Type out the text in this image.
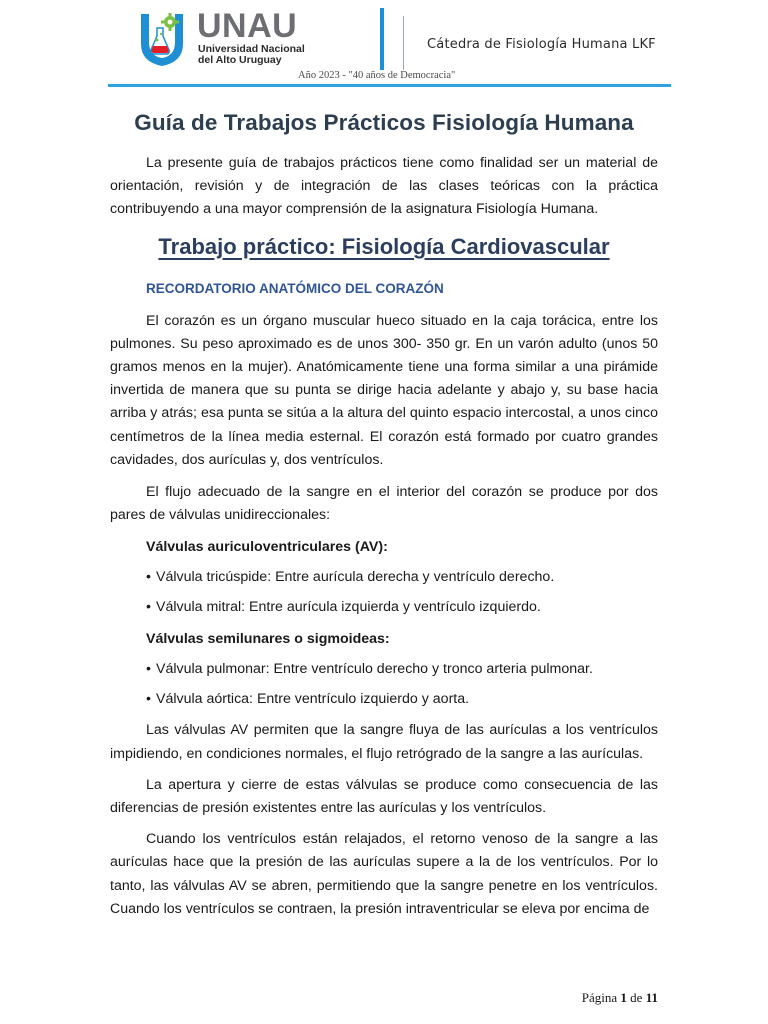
UNAU
Universidad Nacional
del Alto Uruguay
Cátedra de Fisiología Humana LKF
Año 2023 - "40 años de Democracia"
Guía de Trabajos Prácticos Fisiología Humana

La presente guía de trabajos prácticos tiene como finalidad ser un material de orientación, revisión y de integración de las clases teóricas con la práctica contribuyendo a una mayor comprensión de la asignatura Fisiología Humana.

Trabajo práctico: Fisiología Cardiovascular
RECORDATORIO ANATÓMICO DEL CORAZÓN

El corazón es un órgano muscular hueco situado en la caja torácica, entre los pulmones. Su peso aproximado es de unos 300- 350 gr. En un varón adulto (unos 50 gramos menos en la mujer). Anatómicamente tiene una forma similar a una pirámide invertida de manera que su punta se dirige hacia adelante y abajo y, su base hacia arriba y atrás; esa punta se sitúa a la altura del quinto espacio intercostal, a unos cinco centímetros de la línea media esternal. El corazón está formado por cuatro grandes cavidades, dos aurículas y, dos ventrículos.

El flujo adecuado de la sangre en el interior del corazón se produce por dos pares de válvulas unidireccionales:

Válvulas auriculoventriculares (AV):
• Válvula tricúspide: Entre aurícula derecha y ventrículo derecho.
• Válvula mitral: Entre aurícula izquierda y ventrículo izquierdo.
Válvulas semilunares o sigmoideas:
• Válvula pulmonar: Entre ventrículo derecho y tronco arteria pulmonar.
• Válvula aórtica: Entre ventrículo izquierdo y aorta.

Las válvulas AV permiten que la sangre fluya de las aurículas a los ventrículos impidiendo, en condiciones normales, el flujo retrógrado de la sangre a las aurículas.

La apertura y cierre de estas válvulas se produce como consecuencia de las diferencias de presión existentes entre las aurículas y los ventrículos.

Cuando los ventrículos están relajados, el retorno venoso de la sangre a las aurículas hace que la presión de las aurículas supere a la de los ventrículos. Por lo tanto, las válvulas AV se abren, permitiendo que la sangre penetre en los ventrículos. Cuando los ventrículos se contraen, la presión intraventricular se eleva por encima de

Página 1 de 11
